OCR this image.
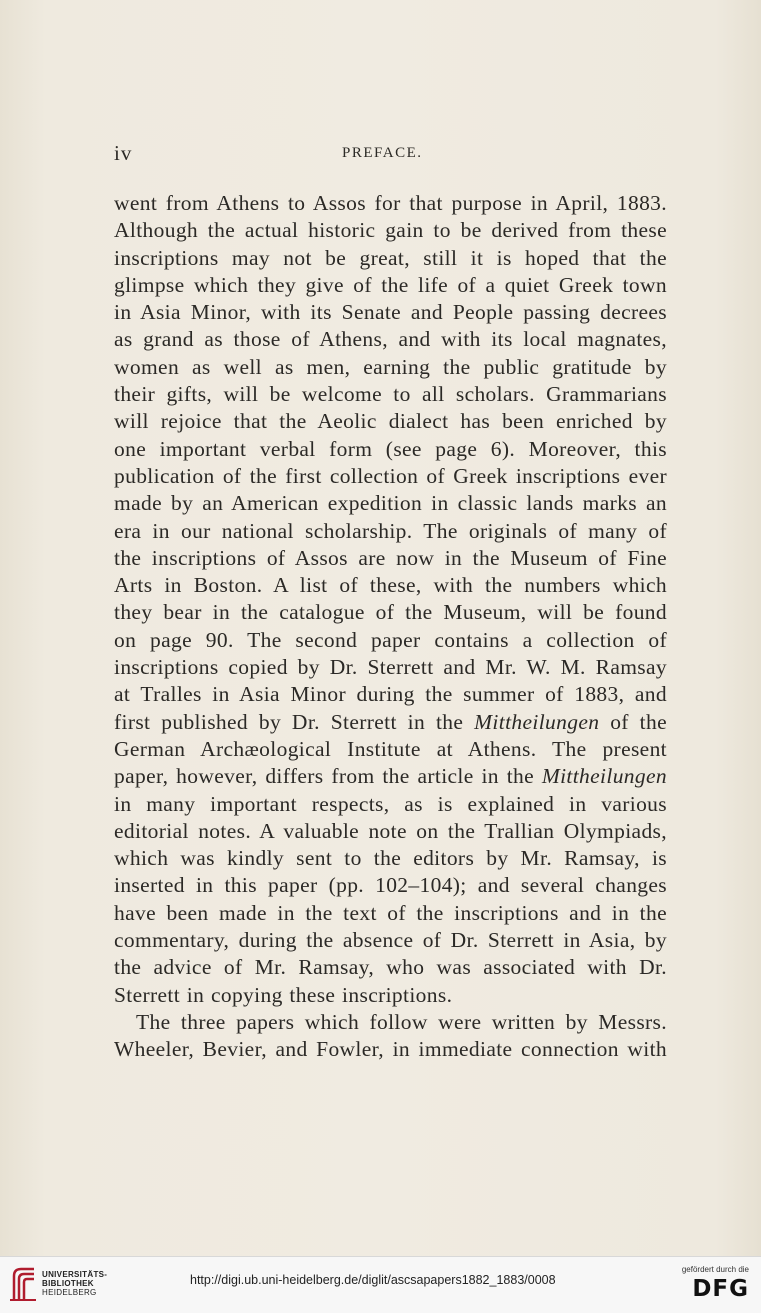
iv	PREFACE.
went from Athens to Assos for that purpose in April, 1883.
Although the actual historic gain to be derived from these
inscriptions may not be great, still it is hoped that the
glimpse which they give of the life of a quiet Greek town
in Asia Minor, with its Senate and People passing decrees
as grand as those of Athens, and with its local magnates,
women as well as men, earning the public gratitude by
their gifts, will be welcome to all scholars. Grammarians
will rejoice that the Aeolic dialect has been enriched by
one important verbal form (see page 6). Moreover, this
publication of the first collection of Greek inscriptions ever
made by an American expedition in classic lands marks an
era in our national scholarship. The originals of many of
the inscriptions of Assos are now in the Museum of Fine
Arts in Boston. A list of these, with the numbers which
they bear in the catalogue of the Museum, will be found
on page 90. The second paper contains a collection of
inscriptions copied by Dr. Sterrett and Mr. W. M. Ramsay
at Tralles in Asia Minor during the summer of 1883, and
first published by Dr. Sterrett in the Mittheilungen of the
German Archæological Institute at Athens. The present
paper, however, differs from the article in the Mittheilungen
in many important respects, as is explained in various
editorial notes. A valuable note on the Trallian Olympiads,
which was kindly sent to the editors by Mr. Ramsay, is
inserted in this paper (pp. 102–104); and several changes
have been made in the text of the inscriptions and in the
commentary, during the absence of Dr. Sterrett in Asia, by
the advice of Mr. Ramsay, who was associated with Dr.
Sterrett in copying these inscriptions.
The three papers which follow were written by Messrs.
Wheeler, Bevier, and Fowler, in immediate connection with
UNIVERSITÄTS-
BIBLIOTHEK
HEIDELBERG
http://digi.ub.uni-heidelberg.de/diglit/ascsapapers1882_1883/0008
gefördert durch die
DFG
